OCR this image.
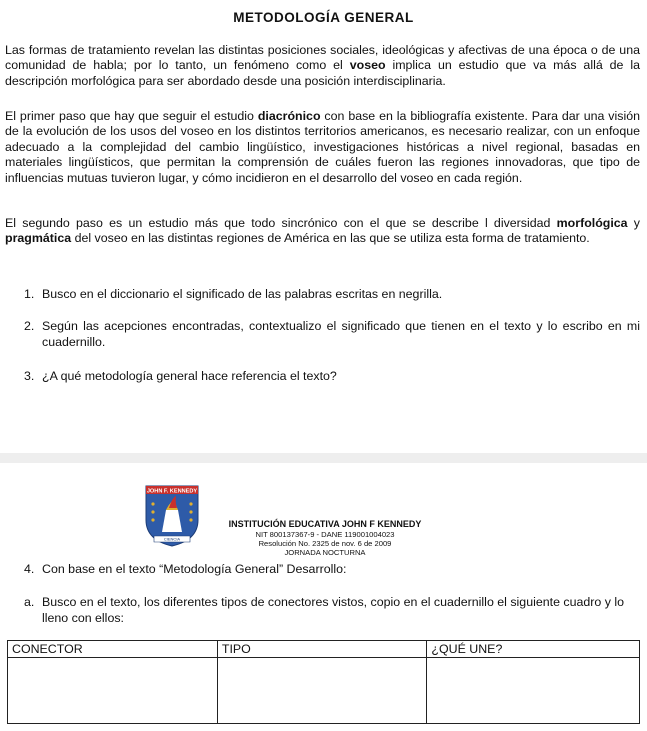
METODOLOGÍA GENERAL
Las formas de tratamiento revelan las distintas posiciones sociales, ideológicas y afectivas de una época o de una comunidad de habla; por lo tanto, un fenómeno como el voseo implica un estudio que va más allá de la descripción morfológica para ser abordado desde una posición interdisciplinaria.
El primer paso que hay que seguir el estudio diacrónico con base en la bibliografía existente. Para dar una visión de la evolución de los usos del voseo en los distintos territorios americanos, es necesario realizar, con un enfoque adecuado a la complejidad del cambio lingüístico, investigaciones históricas a nivel regional, basadas en materiales lingüísticos, que permitan la comprensión de cuáles fueron las regiones innovadoras, que tipo de influencias mutuas tuvieron lugar, y cómo incidieron en el desarrollo del voseo en cada región.
El segundo paso es un estudio más que todo sincrónico con el que se describe l diversidad morfológica y pragmática del voseo en las distintas regiones de América en las que se utiliza esta forma de tratamiento.
1. Busco en el diccionario el significado de las palabras escritas en negrilla.
2. Según las acepciones encontradas, contextualizo el significado que tienen en el texto y lo escribo en mi cuadernillo.
3. ¿A qué metodología general hace referencia el texto?
JOHN F. KENNEDY
CIENCIA
INSTITUCIÓN EDUCATIVA JOHN F KENNEDY
NIT 800137367-9 - DANE 119001004023
Resolución No. 2325 de nov. 6 de 2009
JORNADA NOCTURNA
4. Con base en el texto “Metodología General” Desarrollo:
a. Busco en el texto, los diferentes tipos de conectores vistos, copio en el cuadernillo el siguiente cuadro y lo lleno con ellos:
CONECTOR	TIPO	¿QUÉ UNE?
